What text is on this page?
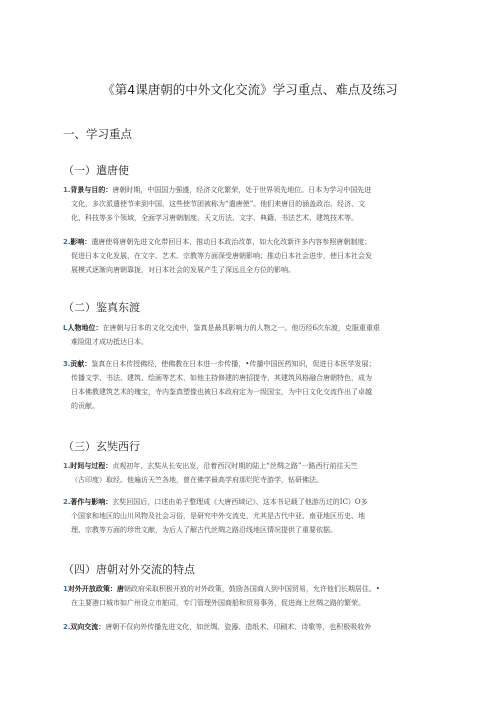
《第4课唐朝的中外文化交流》学习重点、难点及练习
一、学习重点
（一）遣唐使
1.背景与目的：唐朝时期，中国国力强盛，经济文化繁荣，处于世界领先地位。日本为学习中国先进
文化，多次派遣使节来到中国，这些使节团被称为“遣唐使”。他们来唐目的涵盖政治、经济、文
化、科技等多个领域，全面学习唐朝制度、天文历法、文字、典籍、书法艺术、建筑技术等。
2.影响：遣唐使将唐朝先进文化带回日本，推动日本政治改革，如大化改新许多内容参照唐朝制度；
促进日本文化发展，在文字、艺术、宗教等方面深受唐朝影响；推动日本社会进步，使日本社会发
展模式逐渐向唐朝靠拢，对日本社会的发展产生了深远且全方位的影响。
（二）鉴真东渡
L人物地位：在唐朝与日本的文化交流中，鉴真是最具影响力的人物之一。他历经6次东渡，克服重重艰
难险阻才成功抵达日本。
3.贡献：鉴真在日本传授佛经，使佛教在日本进一步传播，•传播中国医药知识，促进日本医学发展；
传播文学、书法、建筑、绘画等艺术，如他主持修建的唐招提寺，其建筑风格融合唐朝特色，成为
日本佛教建筑艺术的瑰宝，寺内鉴真塑像也被日本政府定为一级国宝，为中日文化交流作出了卓越
的贡献。
（三）玄奘西行
1.时间与过程：贞观初年，玄奘从长安出发，沿着西汉时期的陆上“丝绸之路”一路西行前往天竺
（古印度）取经。他遍访天竺各地，曾在佛学最高学府那烂陀寺游学，钻研佛法。
2.著作与影响：玄奘回国后，口述由弟子整理成《大唐西域记》、这本书记载了他游历过的IC）O多
个国家和地区的山川风物及社会习俗，是研究中外交流史，尤其是古代中亚、南亚地区历史、地
理、宗教等方面的珍贵文献，为后人了解古代丝绸之路沿线地区情况提供了重要依据。
（四）唐朝对外交流的特点
1对外开放政策：唐朝政府采取积极开放的对外政策，鼓励各国商人到中国贸易，允许他们长期居住。•
在主要港口城市如广州设立市舶司，专门管理外国商船和贸易事务，促进海上丝绸之路的繁荣。
2.双向交流：唐朝不仅向外传播先进文化，如丝绸、瓷器、造纸术、印刷术、诗歌等，也积极吸收外
